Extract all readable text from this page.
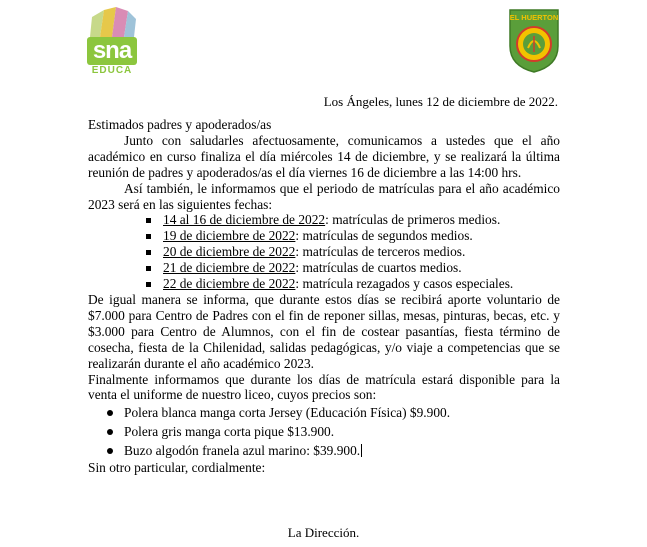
sna
EDUCA
EL HUERTON
Los Ángeles, lunes 12 de diciembre de 2022.

Estimados padres y apoderados/as

Junto con saludarles afectuosamente, comunicamos a ustedes que el año académico en curso finaliza el día miércoles 14 de diciembre, y se realizará la última reunión de padres y apoderados/as el día viernes 16 de diciembre a las 14:00 hrs.

Así también, le informamos que el periodo de matrículas para el año académico 2023 será en las siguientes fechas:

14 al 16 de diciembre de 2022: matrículas de primeros medios.
19 de diciembre de 2022: matrículas de segundos medios.
20 de diciembre de 2022: matrículas de terceros medios.
21 de diciembre de 2022: matrículas de cuartos medios.
22 de diciembre de 2022: matrícula rezagados y casos especiales.

De igual manera se informa, que durante estos días se recibirá aporte voluntario de $7.000 para Centro de Padres con el fin de reponer sillas, mesas, pinturas, becas, etc. y $3.000 para Centro de Alumnos, con el fin de costear pasantías, fiesta término de cosecha, fiesta de la Chilenidad, salidas pedagógicas, y/o viaje a competencias que se realizarán durante el año académico 2023.

Finalmente informamos que durante los días de matrícula estará disponible para la venta el uniforme de nuestro liceo, cuyos precios son:

Polera blanca manga corta Jersey (Educación Física) $9.900.
Polera gris manga corta pique $13.900.
Buzo algodón franela azul marino: $39.900.

Sin otro particular, cordialmente:

La Dirección.
